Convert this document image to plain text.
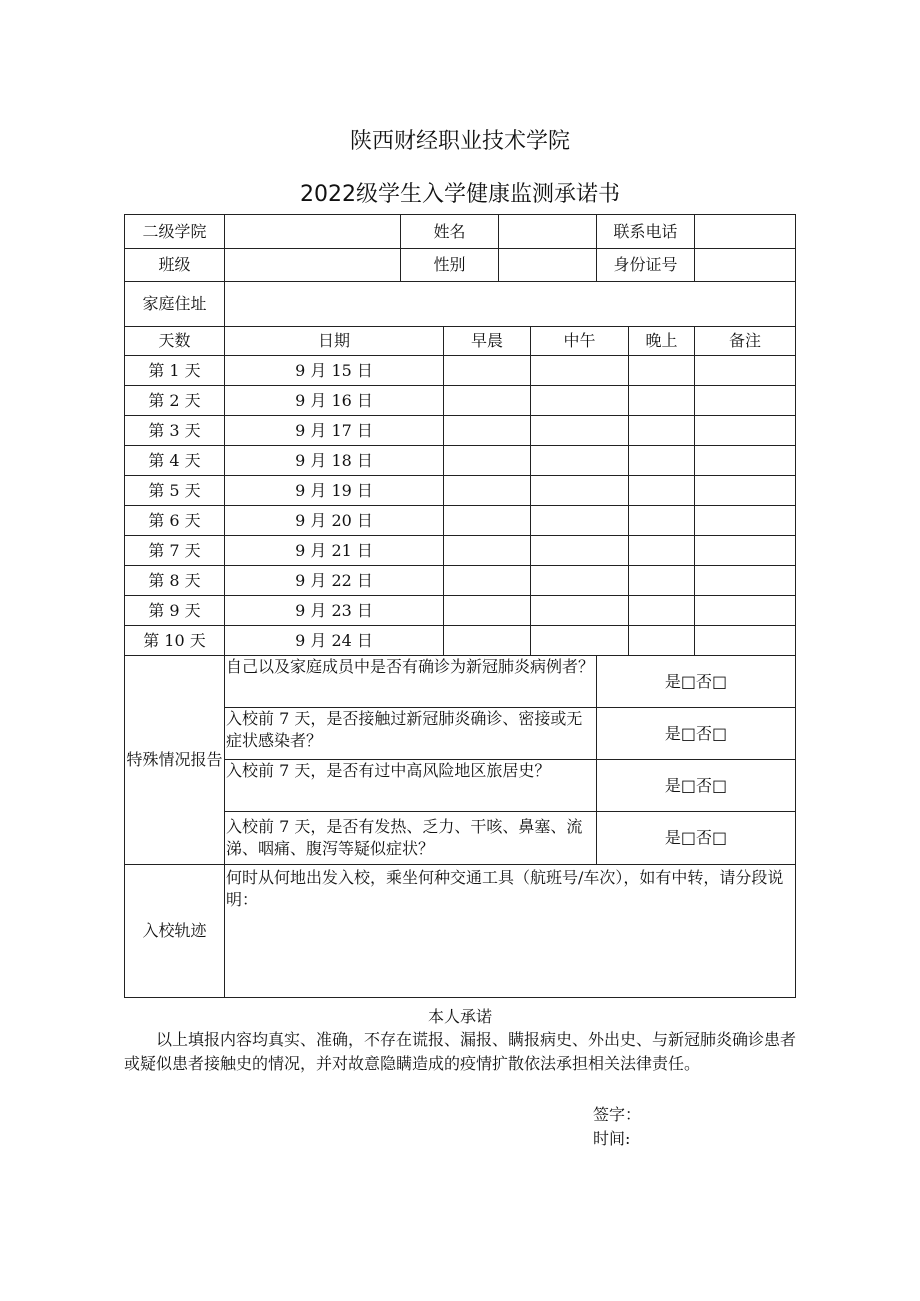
陕西财经职业技术学院
2022级学生入学健康监测承诺书
二级学院		姓名				联系电话		
班级		性别				身份证号		
家庭住址								
天数	日期		早晨		中午		晚上	备注
第 1 天	9 月 15 日							
第 2 天	9 月 16 日							
第 3 天	9 月 17 日							
第 4 天	9 月 18 日							
第 5 天	9 月 19 日							
第 6 天	9 月 20 日							
第 7 天	9 月 21 日							
第 8 天	9 月 22 日							
第 9 天	9 月 23 日							
第 10 天	9 月 24 日							
特殊情况报告	自己以及家庭成员中是否有确诊为新冠肺炎病例者？					是□否□		
	入校前 7 天，是否接触过新冠肺炎确诊、密接或无症状感染者？					是□否□		
	入校前 7 天，是否有过中高风险地区旅居史？					是□否□		
	入校前 7 天，是否有发热、乏力、干咳、鼻塞、流涕、咽痛、腹泻等疑似症状？					是□否□		
入校轨迹	何时从何地出发入校，乘坐何种交通工具（航班号/车次），如有中转，请分段说明：							
本人承诺
以上填报内容均真实、准确，不存在谎报、漏报、瞒报病史、外出史、与新冠肺炎确诊患者或疑似患者接触史的情况，并对故意隐瞒造成的疫情扩散依法承担相关法律责任。
签字：
时间:
